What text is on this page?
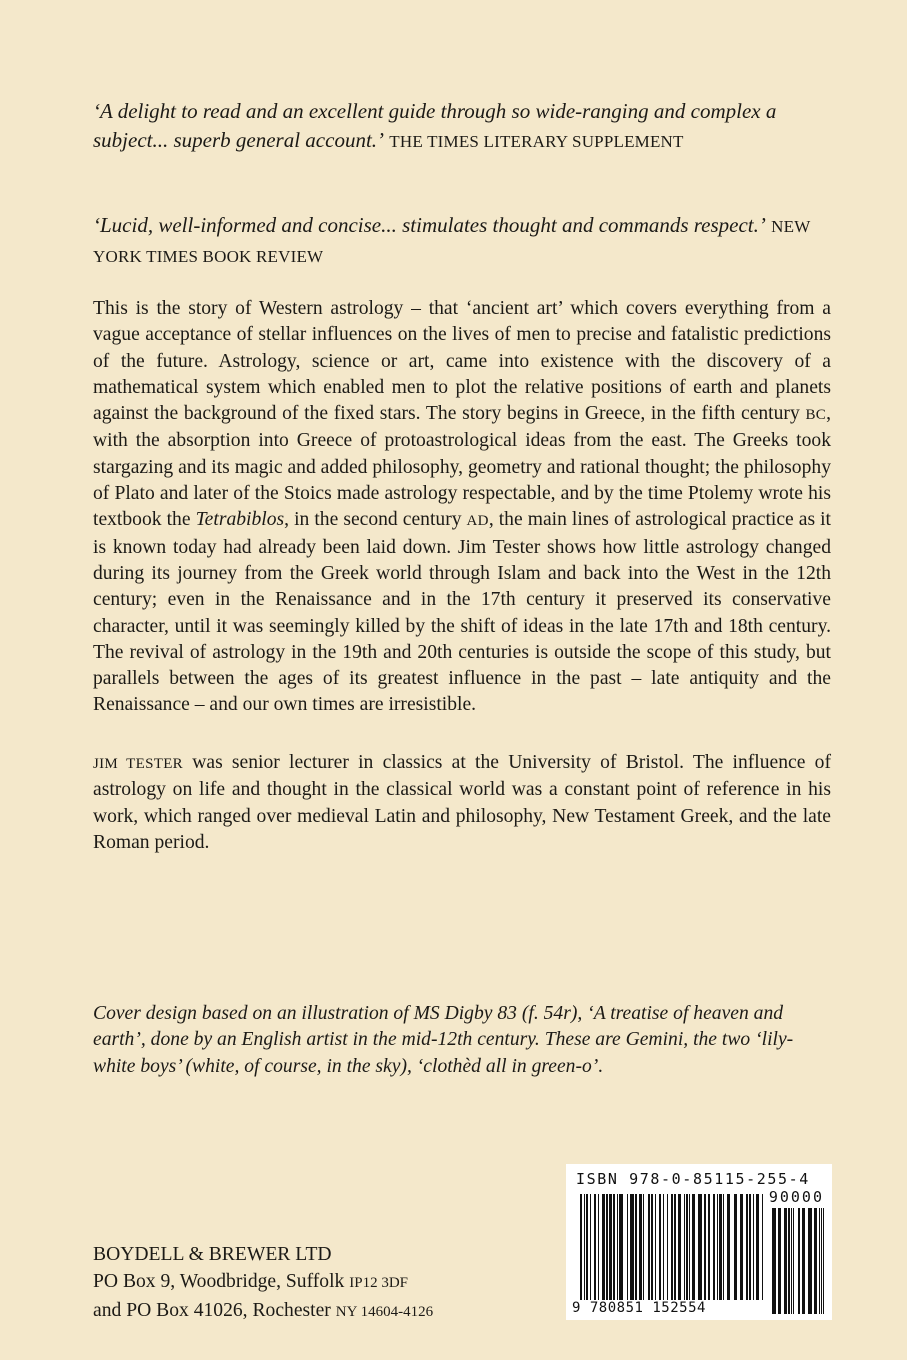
‘A delight to read and an excellent guide through so wide-ranging and complex a subject... superb general account.’ THE TIMES LITERARY SUPPLEMENT
‘Lucid, well-informed and concise... stimulates thought and commands respect.’ NEW YORK TIMES BOOK REVIEW
This is the story of Western astrology – that ‘ancient art’ which covers everything from a vague acceptance of stellar influences on the lives of men to precise and fatalistic predictions of the future. Astrology, science or art, came into existence with the discovery of a mathematical system which enabled men to plot the relative positions of earth and planets against the background of the fixed stars. The story begins in Greece, in the fifth century BC, with the absorption into Greece of protoastrological ideas from the east. The Greeks took stargazing and its magic and added philosophy, geometry and rational thought; the philosophy of Plato and later of the Stoics made astrology respectable, and by the time Ptolemy wrote his textbook the Tetrabiblos, in the second century AD, the main lines of astrological practice as it is known today had already been laid down. Jim Tester shows how little astrology changed during its journey from the Greek world through Islam and back into the West in the 12th century; even in the Renaissance and in the 17th century it preserved its conservative character, until it was seemingly killed by the shift of ideas in the late 17th and 18th century. The revival of astrology in the 19th and 20th centuries is outside the scope of this study, but parallels between the ages of its greatest influence in the past – late antiquity and the Renaissance – and our own times are irresistible.
JIM TESTER was senior lecturer in classics at the University of Bristol. The influence of astrology on life and thought in the classical world was a constant point of reference in his work, which ranged over medieval Latin and philosophy, New Testament Greek, and the late Roman period.
Cover design based on an illustration of MS Digby 83 (f. 54r), ‘A treatise of heaven and earth’, done by an English artist in the mid-12th century. These are Gemini, the two ‘lily-white boys’ (white, of course, in the sky), ‘clothèd all in green-o’.
BOYDELL & BREWER LTD
PO Box 9, Woodbridge, Suffolk IP12 3DF
and PO Box 41026, Rochester NY 14604-4126
ISBN 978-0-85115-255-4
90000
9 780851 152554
